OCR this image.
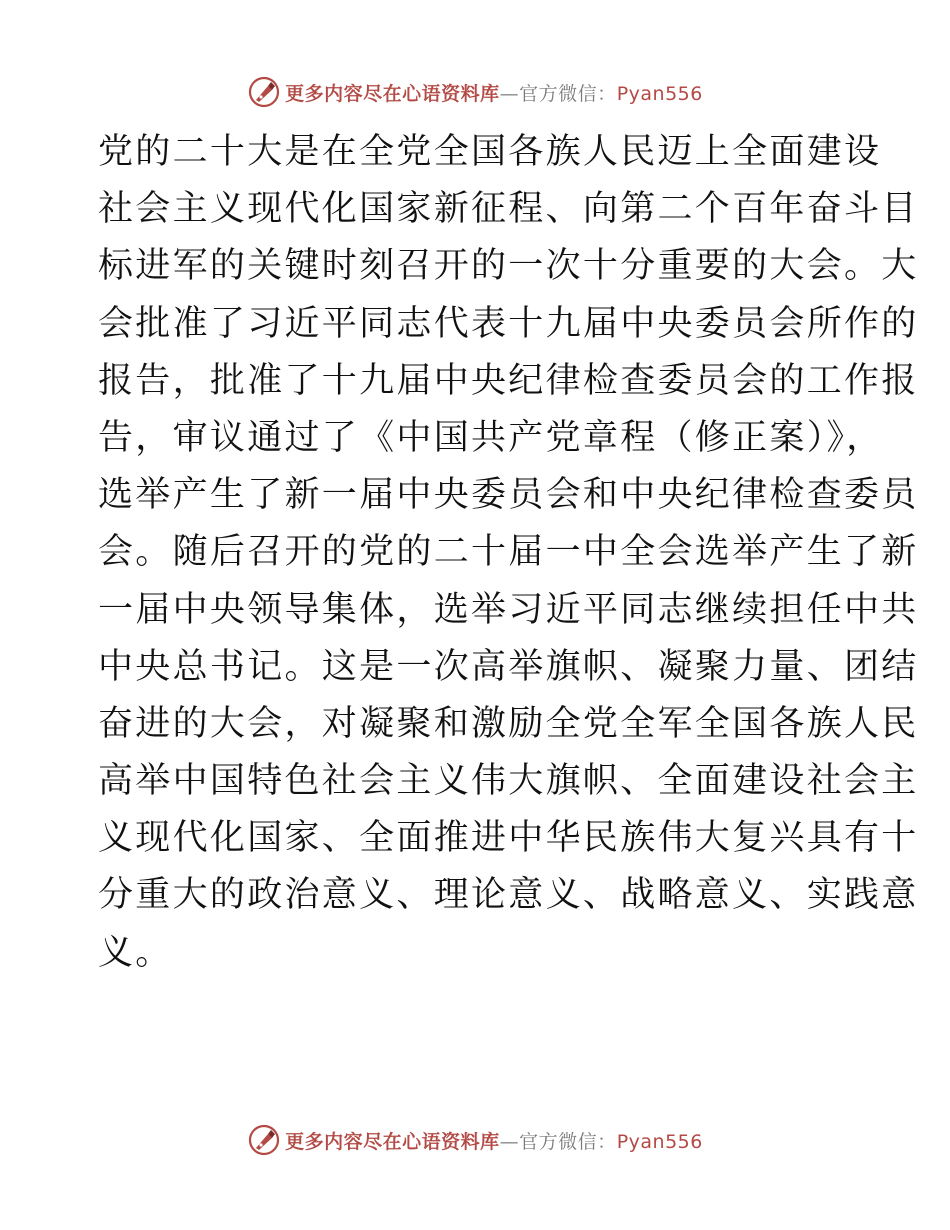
更多内容尽在心语资料库—官方微信：Pyan556
党的二十大是在全党全国各族人民迈上全面建设
社会主义现代化国家新征程、向第二个百年奋斗目
标进军的关键时刻召开的一次十分重要的大会。大
会批准了习近平同志代表十九届中央委员会所作的
报告，批准了十九届中央纪律检查委员会的工作报
告，审议通过了《中国共产党章程（修正案）》，
选举产生了新一届中央委员会和中央纪律检查委员
会。随后召开的党的二十届一中全会选举产生了新
一届中央领导集体，选举习近平同志继续担任中共
中央总书记。这是一次高举旗帜、凝聚力量、团结
奋进的大会，对凝聚和激励全党全军全国各族人民
高举中国特色社会主义伟大旗帜、全面建设社会主
义现代化国家、全面推进中华民族伟大复兴具有十
分重大的政治意义、理论意义、战略意义、实践意
义。
更多内容尽在心语资料库—官方微信：Pyan556
